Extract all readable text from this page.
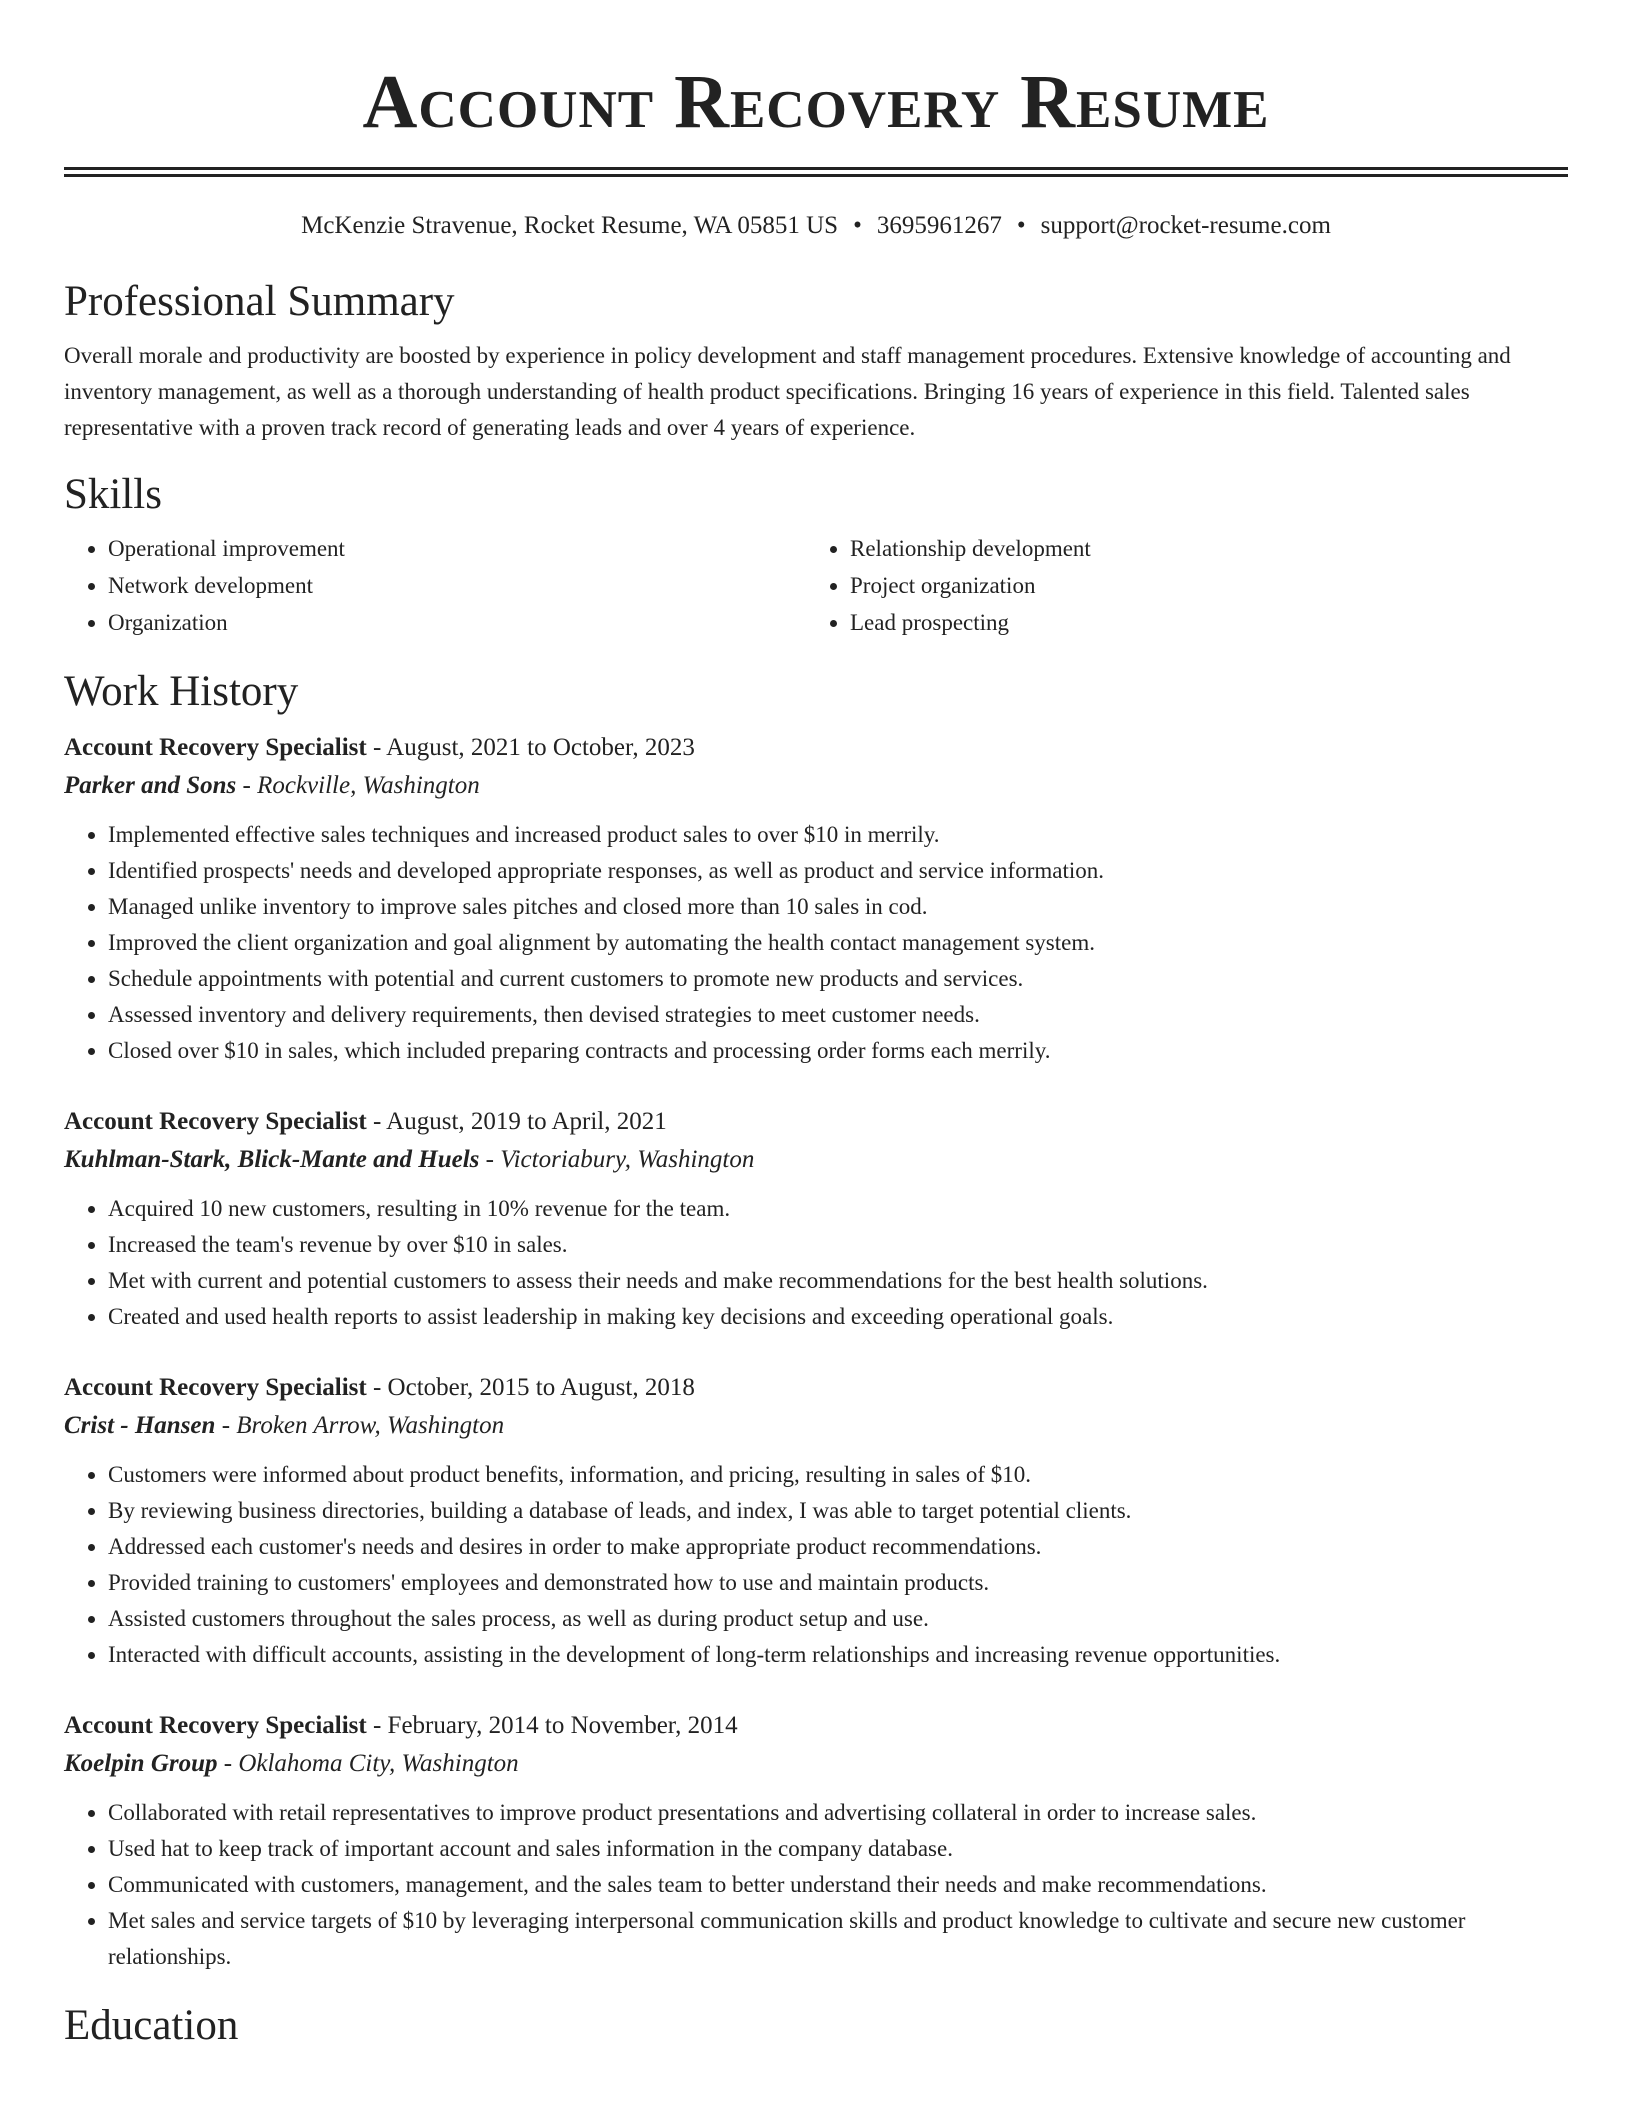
Account Recovery Resume
McKenzie Stravenue, Rocket Resume, WA 05851 US • 3695961267 • support@rocket-resume.com
Professional Summary

Overall morale and productivity are boosted by experience in policy development and staff management procedures. Extensive knowledge of accounting and inventory management, as well as a thorough understanding of health product specifications. Bringing 16 years of experience in this field. Talented sales representative with a proven track record of generating leads and over 4 years of experience.

Skills
• Operational improvement
• Network development
• Organization
• Relationship development
• Project organization
• Lead prospecting
Work History
Account Recovery Specialist - August, 2021 to October, 2023
Parker and Sons - Rockville, Washington
• Implemented effective sales techniques and increased product sales to over $10 in merrily.
• Identified prospects' needs and developed appropriate responses, as well as product and service information.
• Managed unlike inventory to improve sales pitches and closed more than 10 sales in cod.
• Improved the client organization and goal alignment by automating the health contact management system.
• Schedule appointments with potential and current customers to promote new products and services.
• Assessed inventory and delivery requirements, then devised strategies to meet customer needs.
• Closed over $10 in sales, which included preparing contracts and processing order forms each merrily.
Account Recovery Specialist - August, 2019 to April, 2021
Kuhlman-Stark, Blick-Mante and Huels - Victoriabury, Washington
• Acquired 10 new customers, resulting in 10% revenue for the team.
• Increased the team's revenue by over $10 in sales.
• Met with current and potential customers to assess their needs and make recommendations for the best health solutions.
• Created and used health reports to assist leadership in making key decisions and exceeding operational goals.
Account Recovery Specialist - October, 2015 to August, 2018
Crist - Hansen - Broken Arrow, Washington
• Customers were informed about product benefits, information, and pricing, resulting in sales of $10.
• By reviewing business directories, building a database of leads, and index, I was able to target potential clients.
• Addressed each customer's needs and desires in order to make appropriate product recommendations.
• Provided training to customers' employees and demonstrated how to use and maintain products.
• Assisted customers throughout the sales process, as well as during product setup and use.
• Interacted with difficult accounts, assisting in the development of long-term relationships and increasing revenue opportunities.
Account Recovery Specialist - February, 2014 to November, 2014
Koelpin Group - Oklahoma City, Washington
• Collaborated with retail representatives to improve product presentations and advertising collateral in order to increase sales.
• Used hat to keep track of important account and sales information in the company database.
• Communicated with customers, management, and the sales team to better understand their needs and make recommendations.
• Met sales and service targets of $10 by leveraging interpersonal communication skills and product knowledge to cultivate and secure new customer relationships.
Education
